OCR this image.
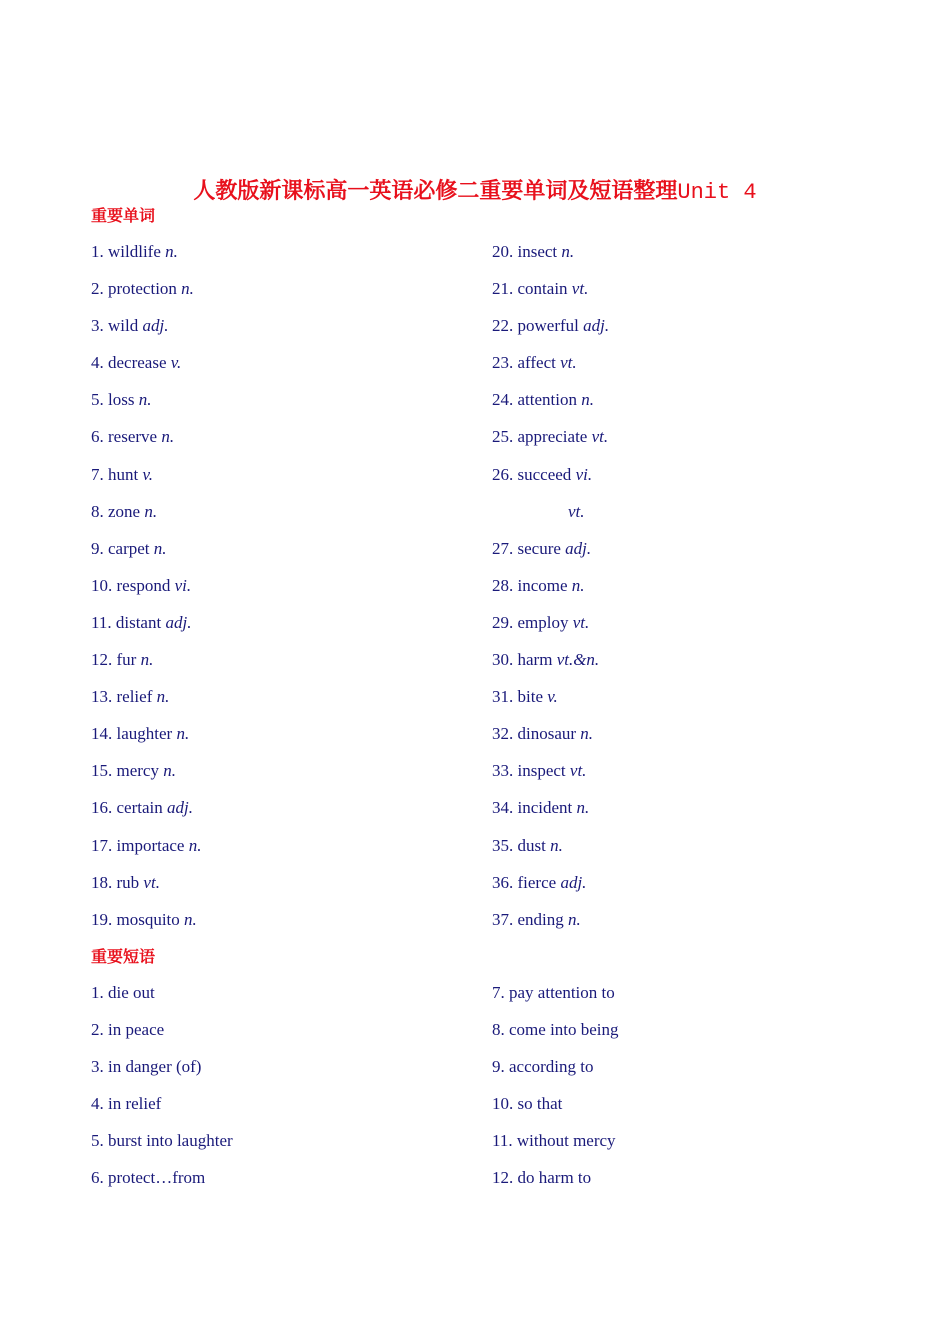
人教版新课标高一英语必修二重要单词及短语整理Unit 4
重要单词
1. wildlife n.
2. protection n.
3. wild adj.
4. decrease v.
5. loss n.
6. reserve n.
7. hunt v.
8. zone n.
9. carpet n.
10. respond vi.
11. distant adj.
12. fur n.
13. relief n.
14. laughter n.
15. mercy n.
16. certain adj.
17. importace n.
18. rub vt.
19. mosquito n.
20. insect n.
21. contain vt.
22. powerful adj.
23. affect vt.
24. attention n.
25. appreciate vt.
26. succeed vi.
vt.
27. secure adj.
28. income n.
29. employ vt.
30. harm vt.&n.
31. bite v.
32. dinosaur n.
33. inspect vt.
34. incident n.
35. dust n.
36. fierce adj.
37. ending n.
重要短语
1. die out
2. in peace
3. in danger (of)
4. in relief
5. burst into laughter
6. protect…from
7. pay attention to
8. come into being
9. according to
10. so that
11. without mercy
12. do harm to
